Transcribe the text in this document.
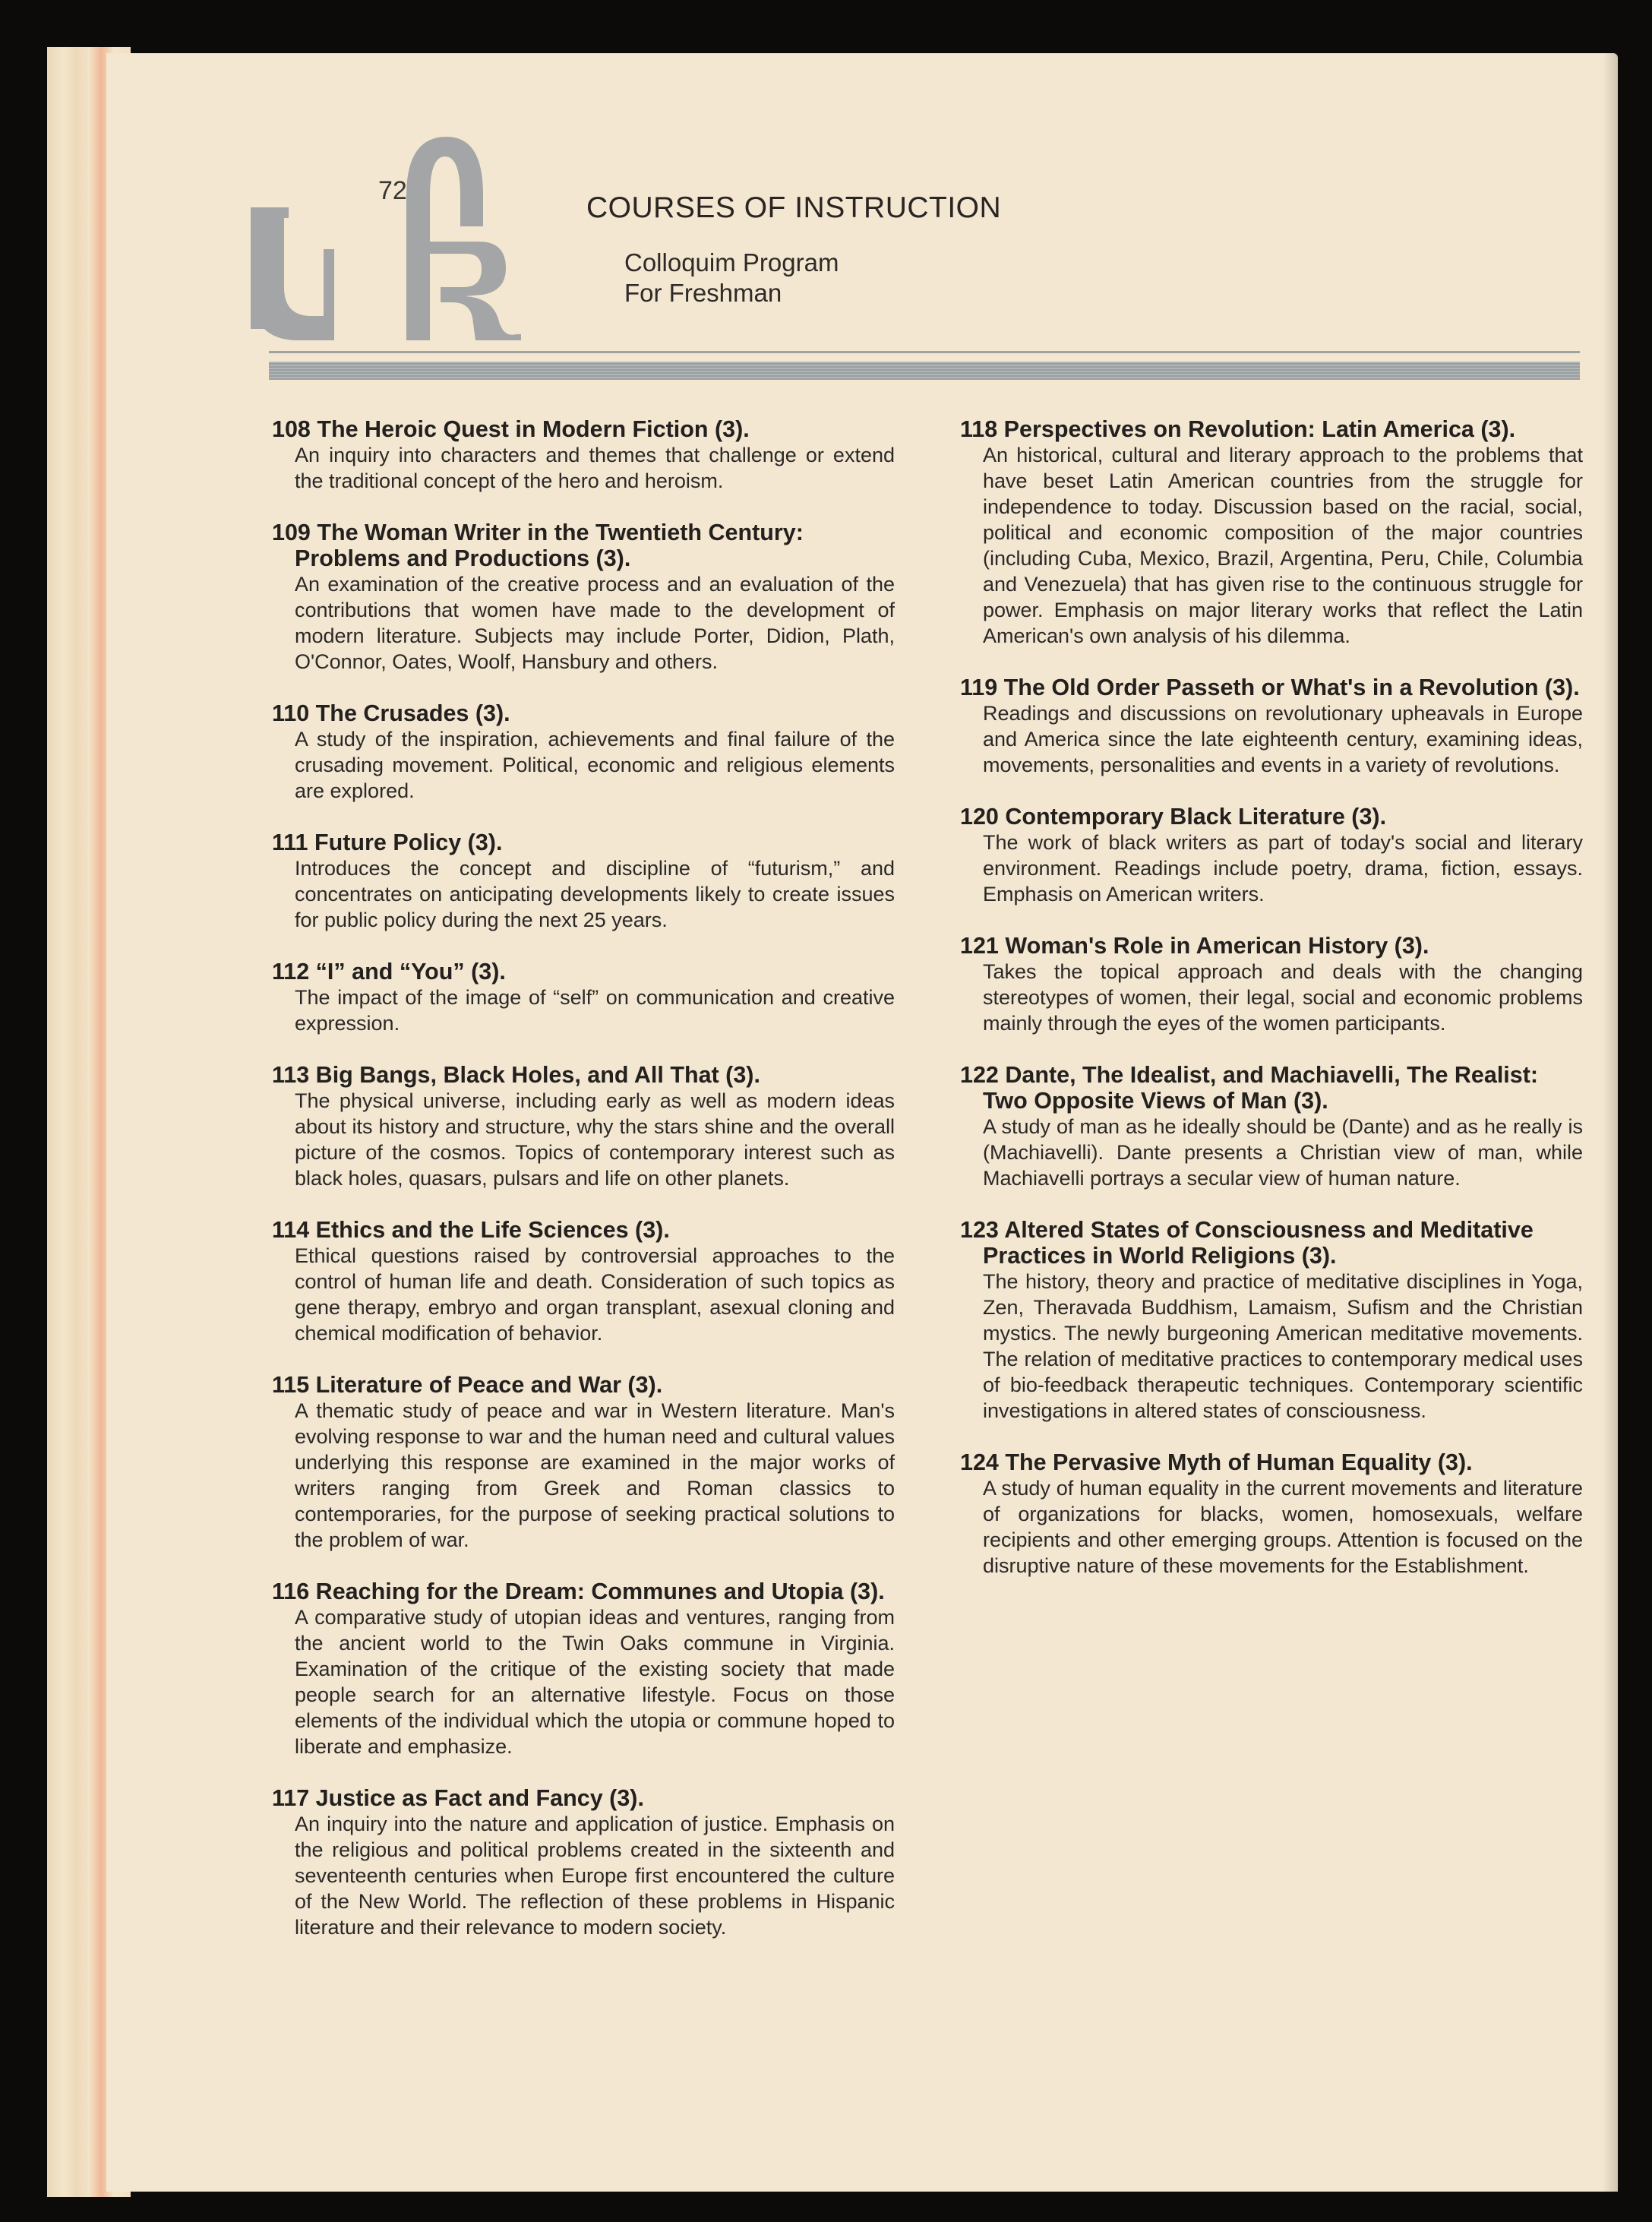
72
COURSES OF INSTRUCTION
Colloquim Program
For Freshman
108 The Heroic Quest in Modern Fiction (3).

An inquiry into characters and themes that challenge or extend the traditional concept of the hero and heroism.

109 The Woman Writer in the Twentieth Century: Problems and Productions (3).

An examination of the creative process and an evaluation of the contributions that women have made to the development of modern literature. Subjects may include Porter, Didion, Plath, O'Connor, Oates, Woolf, Hansbury and others.

110 The Crusades (3).

A study of the inspiration, achievements and final failure of the crusading movement. Political, economic and religious elements are explored.

111 Future Policy (3).

Introduces the concept and discipline of “futurism,” and concentrates on anticipating developments likely to create issues for public policy during the next 25 years.

112 “I” and “You” (3).

The impact of the image of “self” on communication and creative expression.

113 Big Bangs, Black Holes, and All That (3).

The physical universe, including early as well as modern ideas about its history and structure, why the stars shine and the overall picture of the cosmos. Topics of contemporary interest such as black holes, quasars, pulsars and life on other planets.

114 Ethics and the Life Sciences (3).

Ethical questions raised by controversial approaches to the control of human life and death. Consideration of such topics as gene therapy, embryo and organ transplant, asexual cloning and chemical modification of behavior.

115 Literature of Peace and War (3).

A thematic study of peace and war in Western literature. Man's evolving response to war and the human need and cultural values underlying this response are examined in the major works of writers ranging from Greek and Roman classics to contemporaries, for the purpose of seeking practical solutions to the problem of war.

116 Reaching for the Dream: Communes and Utopia (3).

A comparative study of utopian ideas and ventures, ranging from the ancient world to the Twin Oaks commune in Virginia. Examination of the critique of the existing society that made people search for an alternative lifestyle. Focus on those elements of the individual which the utopia or commune hoped to liberate and emphasize.

117 Justice as Fact and Fancy (3).

An inquiry into the nature and application of justice. Emphasis on the religious and political problems created in the sixteenth and seventeenth centuries when Europe first encountered the culture of the New World. The reflection of these problems in Hispanic literature and their relevance to modern society.

118 Perspectives on Revolution: Latin America (3).

An historical, cultural and literary approach to the problems that have beset Latin American countries from the struggle for independence to today. Discussion based on the racial, social, political and economic composition of the major countries (including Cuba, Mexico, Brazil, Argentina, Peru, Chile, Columbia and Venezuela) that has given rise to the continuous struggle for power. Emphasis on major literary works that reflect the Latin American's own analysis of his dilemma.

119 The Old Order Passeth or What's in a Revolution (3).

Readings and discussions on revolutionary upheavals in Europe and America since the late eighteenth century, examining ideas, movements, personalities and events in a variety of revolutions.

120 Contemporary Black Literature (3).

The work of black writers as part of today's social and literary environment. Readings include poetry, drama, fiction, essays. Emphasis on American writers.

121 Woman's Role in American History (3).

Takes the topical approach and deals with the changing stereotypes of women, their legal, social and economic problems mainly through the eyes of the women participants.

122 Dante, The Idealist, and Machiavelli, The Realist: Two Opposite Views of Man (3).

A study of man as he ideally should be (Dante) and as he really is (Machiavelli). Dante presents a Christian view of man, while Machiavelli portrays a secular view of human nature.

123 Altered States of Consciousness and Meditative Practices in World Religions (3).

The history, theory and practice of meditative disciplines in Yoga, Zen, Theravada Buddhism, Lamaism, Sufism and the Christian mystics. The newly burgeoning American meditative movements. The relation of meditative practices to contemporary medical uses of bio-feedback therapeutic techniques. Contemporary scientific investigations in altered states of consciousness.

124 The Pervasive Myth of Human Equality (3).

A study of human equality in the current movements and literature of organizations for blacks, women, homosexuals, welfare recipients and other emerging groups. Attention is focused on the disruptive nature of these movements for the Establishment.
